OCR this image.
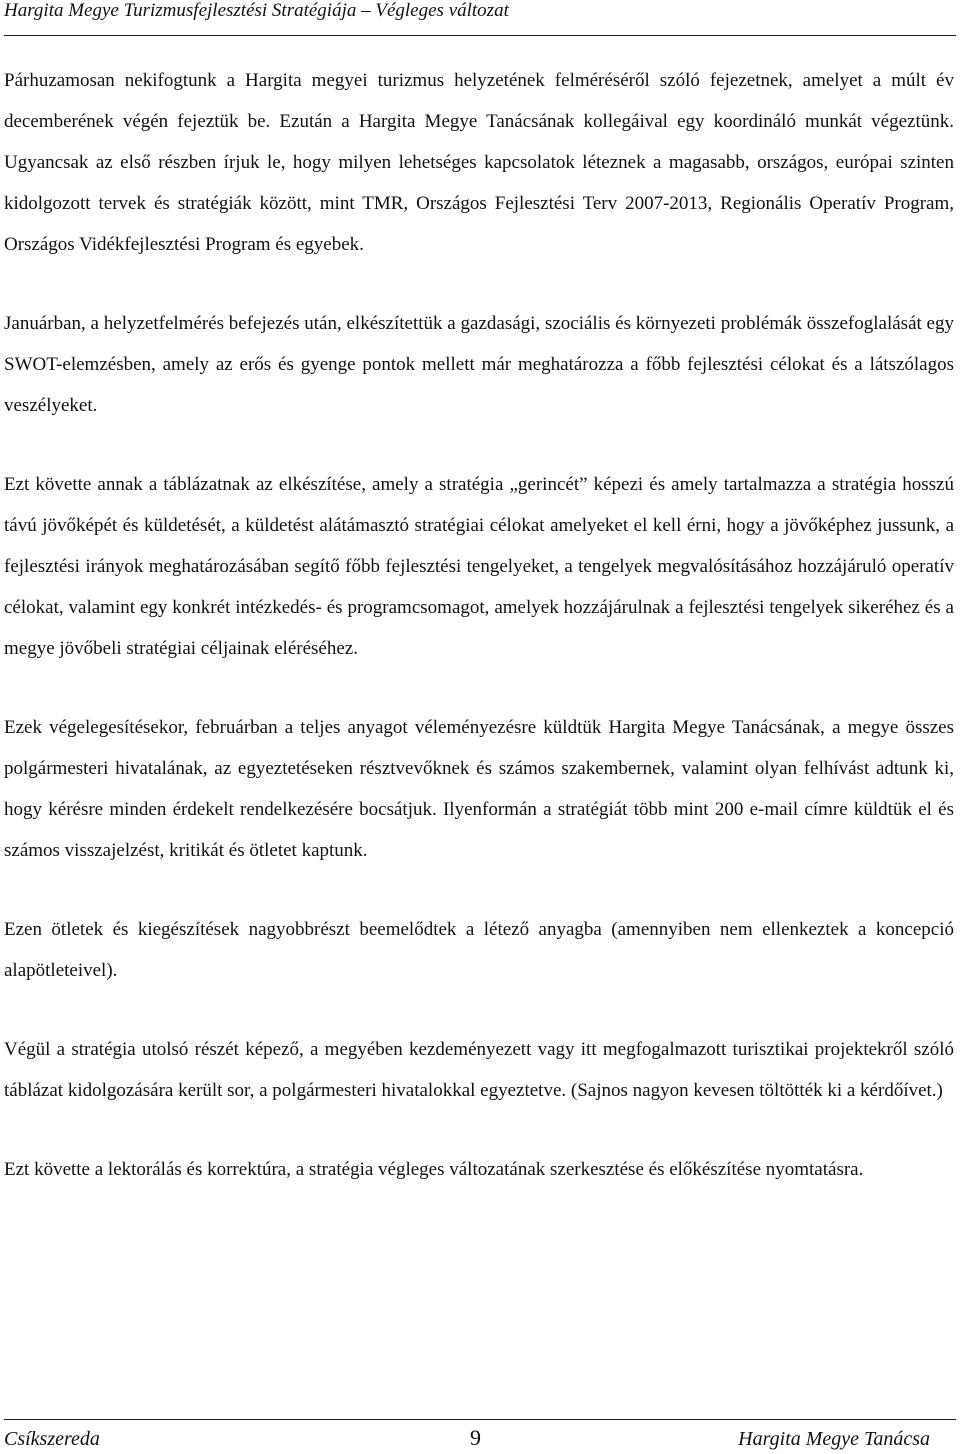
Hargita Megye Turizmusfejlesztési Stratégiája – Végleges változat

Párhuzamosan nekifogtunk a Hargita megyei turizmus helyzetének felméréséről szóló fejezetnek, amelyet a múlt év decemberének végén fejeztük be. Ezután a Hargita Megye Tanácsának kollegáival egy koordináló munkát végeztünk. Ugyancsak az első részben írjuk le, hogy milyen lehetséges kapcsolatok léteznek a magasabb, országos, európai szinten kidolgozott tervek és stratégiák között, mint TMR, Országos Fejlesztési Terv 2007-2013, Regionális Operatív Program, Országos Vidékfejlesztési Program és egyebek.

Januárban, a helyzetfelmérés befejezés után, elkészítettük a gazdasági, szociális és környezeti problémák összefoglalását egy SWOT-elemzésben, amely az erős és gyenge pontok mellett már meghatározza a főbb fejlesztési célokat és a látszólagos veszélyeket.

Ezt követte annak a táblázatnak az elkészítése, amely a stratégia „gerincét” képezi és amely tartalmazza a stratégia hosszú távú jövőképét és küldetését, a küldetést alátámasztó stratégiai célokat amelyeket el kell érni, hogy a jövőképhez jussunk, a fejlesztési irányok meghatározásában segítő főbb fejlesztési tengelyeket, a tengelyek megvalósításához hozzájáruló operatív célokat, valamint egy konkrét intézkedés- és programcsomagot, amelyek hozzájárulnak a fejlesztési tengelyek sikeréhez és a megye jövőbeli stratégiai céljainak eléréséhez.

Ezek végelegesítésekor, februárban a teljes anyagot véleményezésre küldtük Hargita Megye Tanácsának, a megye összes polgármesteri hivatalának, az egyeztetéseken résztvevőknek és számos szakembernek, valamint olyan felhívást adtunk ki, hogy kérésre minden érdekelt rendelkezésére bocsátjuk. Ilyenformán a stratégiát több mint 200 e-mail címre küldtük el és számos visszajelzést, kritikát és ötletet kaptunk.

Ezen ötletek és kiegészítések nagyobbrészt beemelődtek a létező anyagba (amennyiben nem ellenkeztek a koncepció alapötleteivel).

Végül a stratégia utolsó részét képező, a megyében kezdeményezett vagy itt megfogalmazott turisztikai projektekről szóló táblázat kidolgozására került sor, a polgármesteri hivatalokkal egyeztetve. (Sajnos nagyon kevesen töltötték ki a kérdőívet.)

Ezt követte a lektorálás és korrektúra, a stratégia végleges változatának szerkesztése és előkészítése nyomtatásra.

Csíkszereda	9	Hargita Megye Tanácsa
